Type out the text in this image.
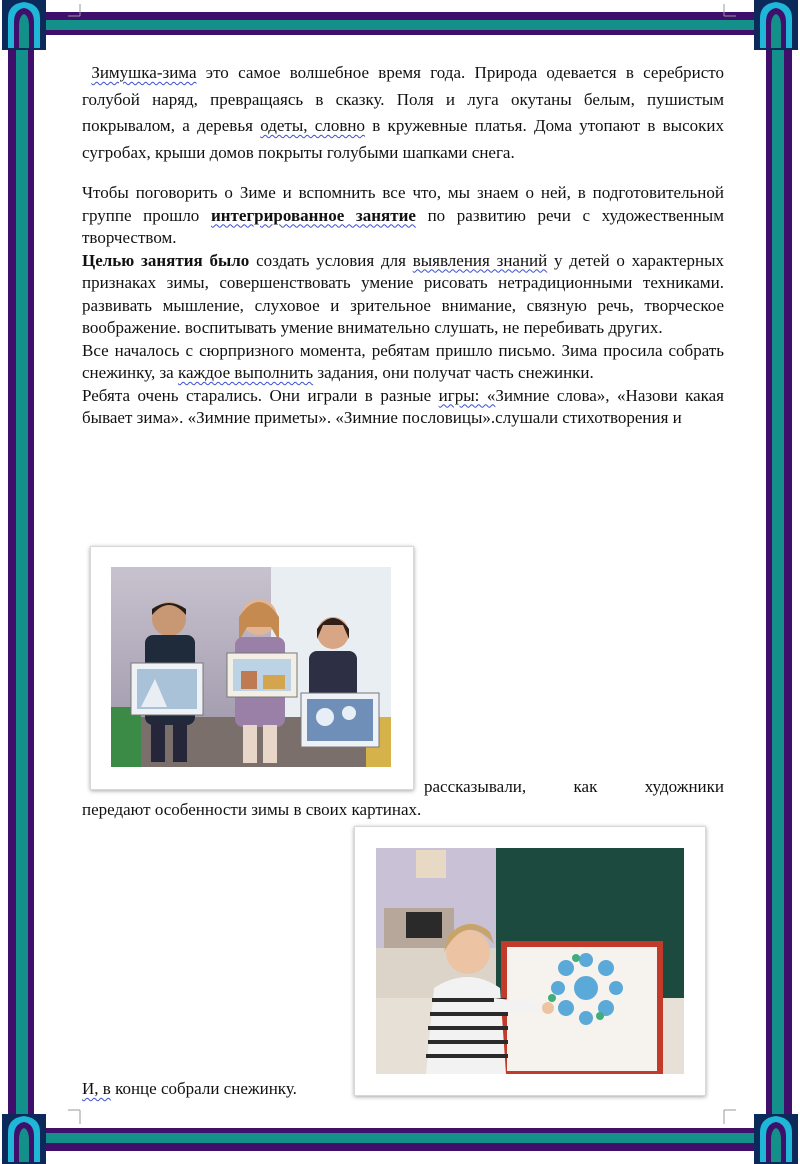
Зимушка-зима это самое волшебное время года. Природа одевается в серебристо голубой наряд, превращаясь в сказку. Поля и луга окутаны белым, пушистым покрывалом, а деревья одеты, словно в кружевные платья. Дома утопают в высоких сугробах, крыши домов покрыты голубыми шапками снега.

Чтобы поговорить о Зиме и вспомнить все что, мы знаем о ней, в подготовительной группе прошло интегрированное занятие по развитию речи с художественным творчеством.

Целью занятия было создать условия для выявления знаний у детей о характерных признаках зимы, совершенствовать умение рисовать нетрадиционными техниками. развивать мышление, слуховое и зрительное внимание, связную речь, творческое воображение. воспитывать умение внимательно слушать, не перебивать других.

Все началось с сюрпризного момента, ребятам пришло письмо. Зима просила собрать снежинку, за каждое выполнить задания, они получат часть снежинки.

Ребята очень старались. Они играли в разные игры: «Зимние слова», «Назови какая бывает зима». «Зимние приметы». «Зимние пословицы».слушали стихотворения и

рассказывали,   как   художники
передают особенности зимы в своих картинах.
И, в конце собрали снежинку.
